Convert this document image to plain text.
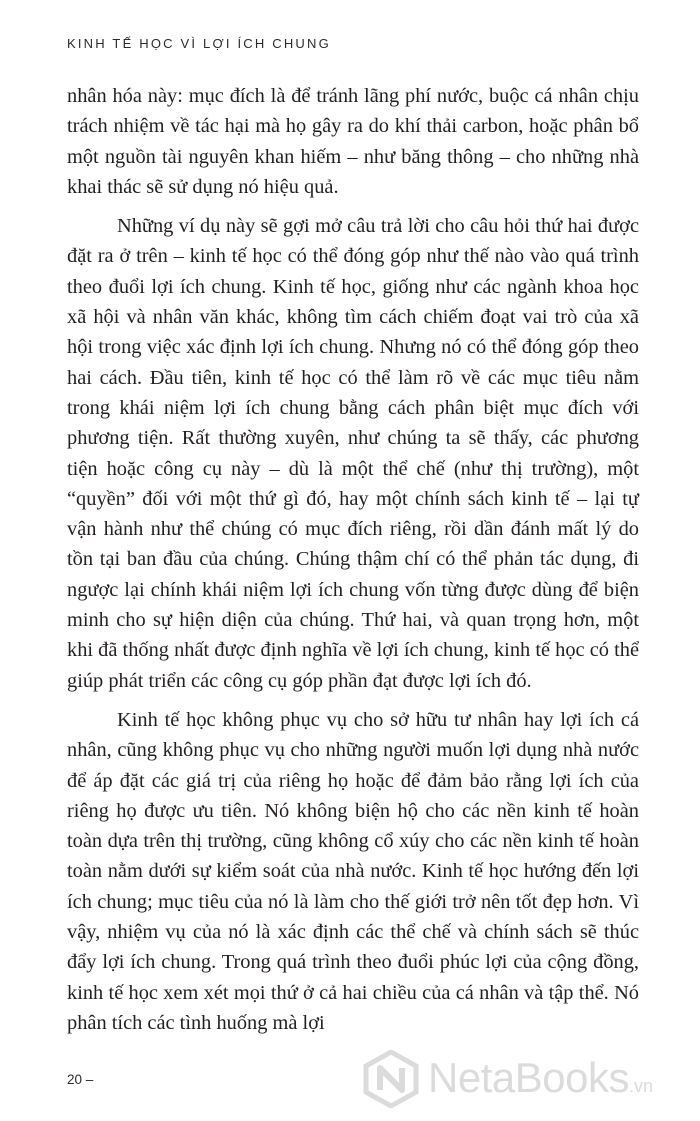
KINH TẾ HỌC VÌ LỢI ÍCH CHUNG

nhân hóa này: mục đích là để tránh lãng phí nước, buộc cá nhân chịu trách nhiệm về tác hại mà họ gây ra do khí thải carbon, hoặc phân bổ một nguồn tài nguyên khan hiếm – như băng thông – cho những nhà khai thác sẽ sử dụng nó hiệu quả.

Những ví dụ này sẽ gợi mở câu trả lời cho câu hỏi thứ hai được đặt ra ở trên – kinh tế học có thể đóng góp như thế nào vào quá trình theo đuổi lợi ích chung. Kinh tế học, giống như các ngành khoa học xã hội và nhân văn khác, không tìm cách chiếm đoạt vai trò của xã hội trong việc xác định lợi ích chung. Nhưng nó có thể đóng góp theo hai cách. Đầu tiên, kinh tế học có thể làm rõ về các mục tiêu nằm trong khái niệm lợi ích chung bằng cách phân biệt mục đích với phương tiện. Rất thường xuyên, như chúng ta sẽ thấy, các phương tiện hoặc công cụ này – dù là một thể chế (như thị trường), một “quyền” đối với một thứ gì đó, hay một chính sách kinh tế – lại tự vận hành như thể chúng có mục đích riêng, rồi dần đánh mất lý do tồn tại ban đầu của chúng. Chúng thậm chí có thể phản tác dụng, đi ngược lại chính khái niệm lợi ích chung vốn từng được dùng để biện minh cho sự hiện diện của chúng. Thứ hai, và quan trọng hơn, một khi đã thống nhất được định nghĩa về lợi ích chung, kinh tế học có thể giúp phát triển các công cụ góp phần đạt được lợi ích đó.

Kinh tế học không phục vụ cho sở hữu tư nhân hay lợi ích cá nhân, cũng không phục vụ cho những người muốn lợi dụng nhà nước để áp đặt các giá trị của riêng họ hoặc để đảm bảo rằng lợi ích của riêng họ được ưu tiên. Nó không biện hộ cho các nền kinh tế hoàn toàn dựa trên thị trường, cũng không cổ xúy cho các nền kinh tế hoàn toàn nằm dưới sự kiểm soát của nhà nước. Kinh tế học hướng đến lợi ích chung; mục tiêu của nó là làm cho thế giới trở nên tốt đẹp hơn. Vì vậy, nhiệm vụ của nó là xác định các thể chế và chính sách sẽ thúc đẩy lợi ích chung. Trong quá trình theo đuổi phúc lợi của cộng đồng, kinh tế học xem xét mọi thứ ở cả hai chiều của cá nhân và tập thể. Nó phân tích các tình huống mà lợi

20 –	NetaBooks.vn
